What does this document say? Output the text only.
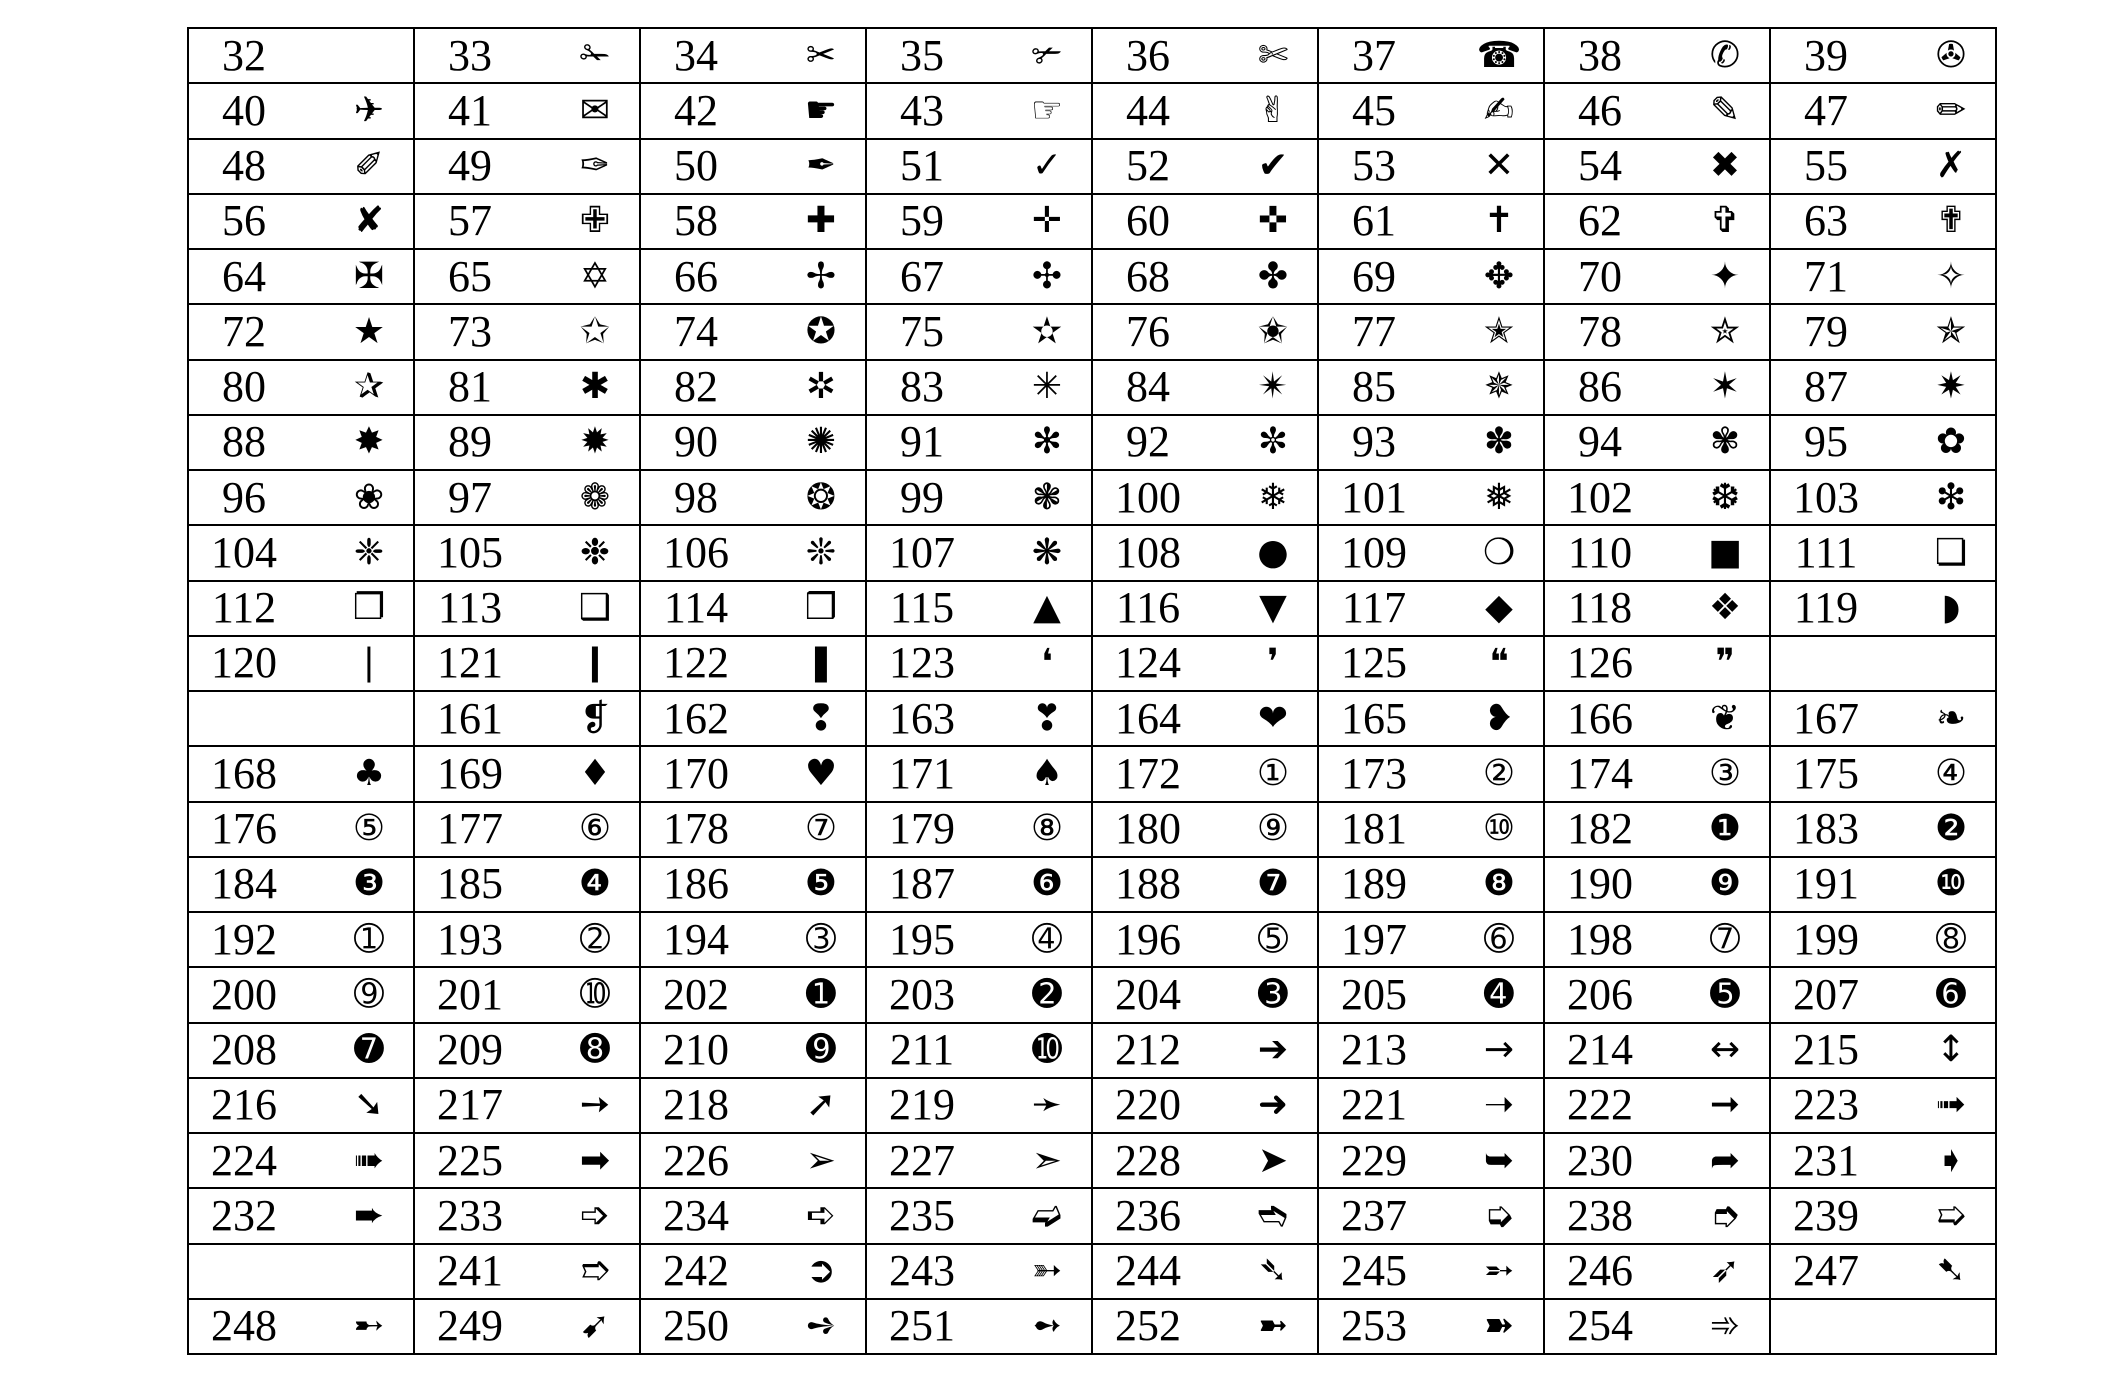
32	33 ✁	34 ✂	35 ✃	36 ✄	37 ☎	38 ✆	39 ✇

40 ✈	41 ✉	42 ☛	43 ☞	44 ✌	45 ✍	46 ✎	47 ✏

48 ✐	49 ✑	50 ✒	51 ✓	52 ✔	53 ✕	54 ✖	55 ✗

56 ✘	57 ✙	58 ✚	59 ✛	60 ✜	61 ✝	62 ✞	63 ✟

64 ✠	65 ✡	66 ✢	67 ✣	68 ✤	69 ✥	70 ✦	71 ✧

72 ★	73 ✩	74 ✪	75 ✫	76 ✬	77 ✭	78 ✮	79 ✯

80 ✰	81 ✱	82 ✲	83 ✳	84 ✴	85 ✵	86 ✶	87 ✷

88 ✸	89 ✹	90 ✺	91 ✻	92 ✼	93 ✽	94 ✾	95 ✿

96 ❀	97 ❁	98 ❂	99 ❃	100 ❄	101 ❅	102 ❆	103 ❇

104 ❈	105 ❉	106 ❊	107 ❋	108 ●	109 ❍	110 ■	111 ❏

112 ❐	113 ❑	114 ❒	115 ▲	116 ▼	117 ◆	118 ❖	119 ◗

120 ❘	121 ❙	122 ❚	123 ❛	124 ❜	125 ❝	126 ❞	

	161 ❡	162 ❢	163 ❣	164 ❤	165 ❥	166 ❦	167 ❧

168 ♣	169 ♦	170 ♥	171 ♠	172 ①	173 ②	174 ③	175 ④

176 ⑤	177 ⑥	178 ⑦	179 ⑧	180 ⑨	181 ⑩	182 ❶	183 ❷

184 ❸	185 ❹	186 ❺	187 ❻	188 ❼	189 ❽	190 ❾	191 ❿

192 ➀	193 ➁	194 ➂	195 ➃	196 ➄	197 ➅	198 ➆	199 ➇

200 ➈	201 ➉	202 ➊	203 ➋	204 ➌	205 ➍	206 ➎	207 ➏

208 ➐	209 ➑	210 ➒	211 ➓	212 ➔	213 →	214 ↔	215 ↕

216 ➘	217 ➙	218 ➚	219 ➛	220 ➜	221 ➝	222 ➞	223 ➟

224 ➠	225 ➡	226 ➢	227 ➣	228 ➤	229 ➥	230 ➦	231 ➧

232 ➨	233 ➩	234 ➪	235 ➫	236 ➬	237 ➭	238 ➮	239 ➯

	241 ➱	242 ➲	243 ➳	244 ➴	245 ➵	246 ➶	247 ➷

248 ➸	249 ➹	250 ➺	251 ➻	252 ➼	253 ➽	254 ➾	
